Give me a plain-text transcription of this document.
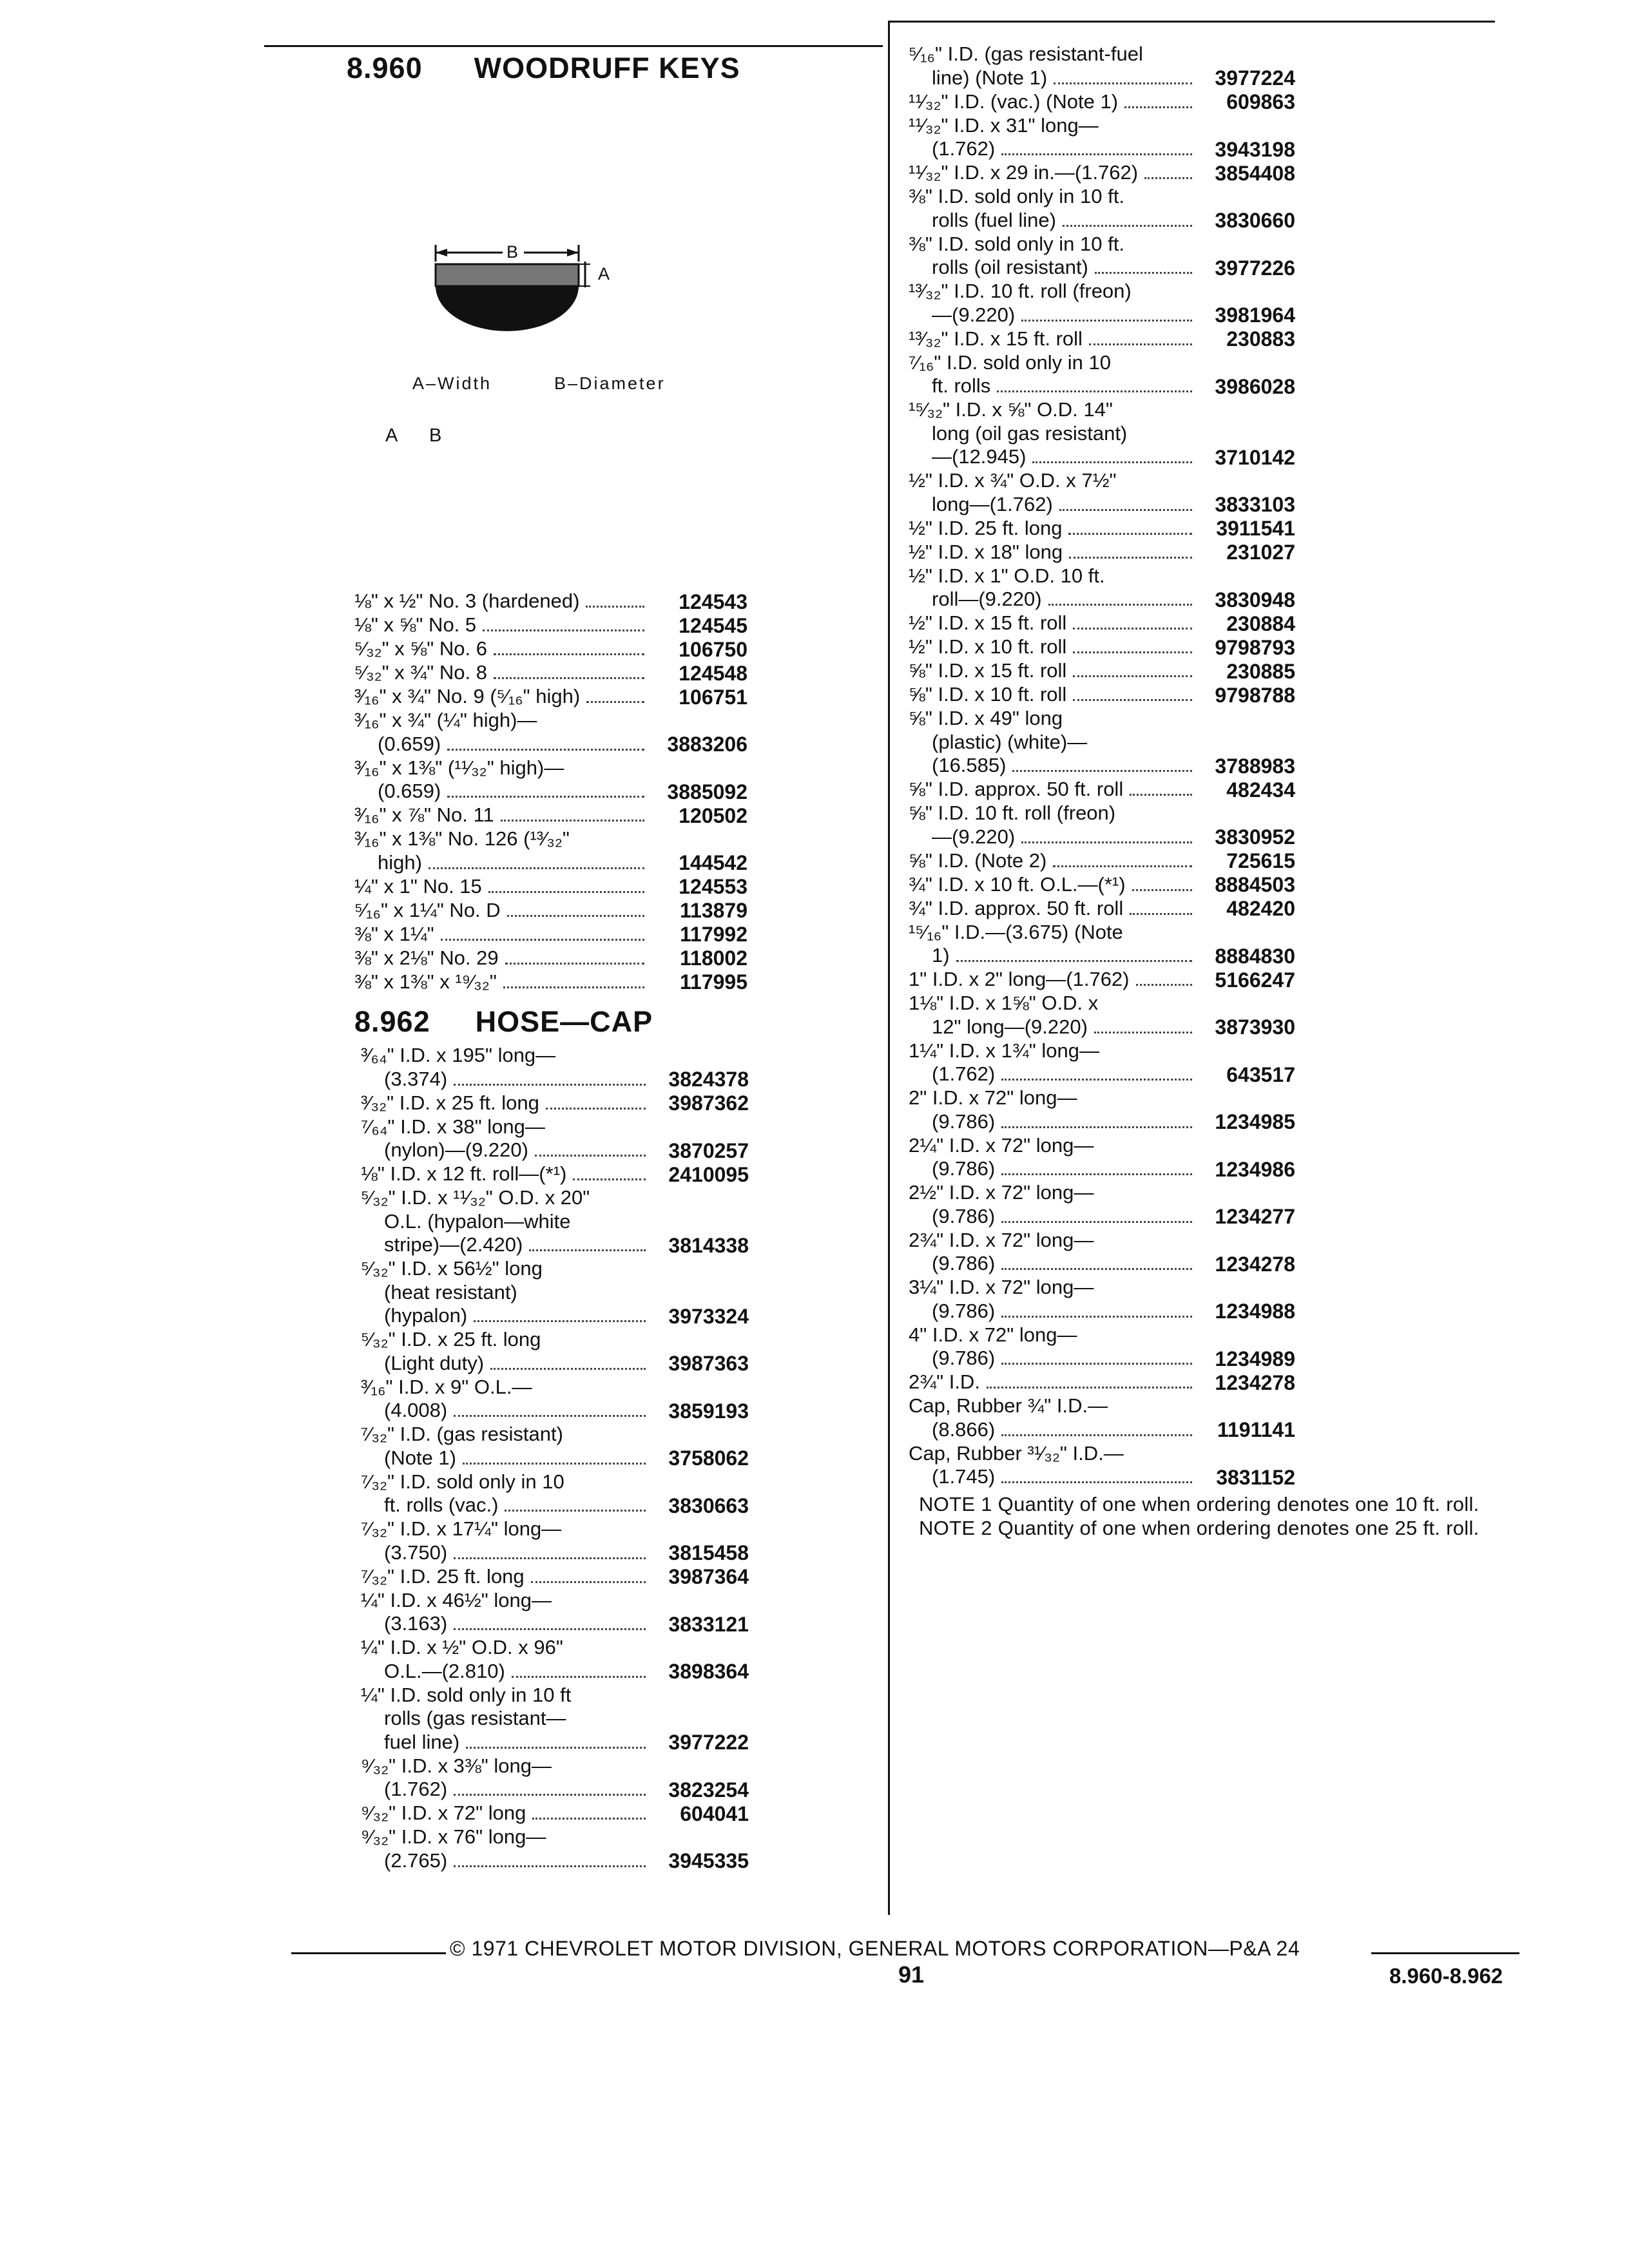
8.960 WOODRUFF KEYS
B
A
A–Width	B–Diameter
A B
⅛" x ½" No. 3 (hardened)	124543
⅛" x ⅝" No. 5	124545
⁵⁄₃₂" x ⅝" No. 6	106750
⁵⁄₃₂" x ¾" No. 8	124548
³⁄₁₆" x ¾" No. 9 (⁵⁄₁₆" high)	106751
³⁄₁₆" x ¾" (¼" high)—
(0.659)	3883206
³⁄₁₆" x 1⅜" (¹¹⁄₃₂" high)—
(0.659)	3885092
³⁄₁₆" x ⅞" No. 11	120502
³⁄₁₆" x 1⅜" No. 126 (¹³⁄₃₂"
high)	144542
¼" x 1" No. 15	124553
⁵⁄₁₆" x 1¼" No. D	113879
⅜" x 1¼"	117992
⅜" x 2⅛" No. 29	118002
⅜" x 1⅜" x ¹⁹⁄₃₂"	117995
8.962 HOSE—CAP
³⁄₆₄" I.D. x 195" long—
(3.374)	3824378
³⁄₃₂" I.D. x 25 ft. long	3987362
⁷⁄₆₄" I.D. x 38" long—
(nylon)—(9.220)	3870257
⅛" I.D. x 12 ft. roll—(*¹)	2410095
⁵⁄₃₂" I.D. x ¹¹⁄₃₂" O.D. x 20"
O.L. (hypalon—white
stripe)—(2.420)	3814338
⁵⁄₃₂" I.D. x 56½" long
(heat resistant)
(hypalon)	3973324
⁵⁄₃₂" I.D. x 25 ft. long
(Light duty)	3987363
³⁄₁₆" I.D. x 9" O.L.—
(4.008)	3859193
⁷⁄₃₂" I.D. (gas resistant)
(Note 1)	3758062
⁷⁄₃₂" I.D. sold only in 10
ft. rolls (vac.)	3830663
⁷⁄₃₂" I.D. x 17¼" long—
(3.750)	3815458
⁷⁄₃₂" I.D. 25 ft. long	3987364
¼" I.D. x 46½" long—
(3.163)	3833121
¼" I.D. x ½" O.D. x 96"
O.L.—(2.810)	3898364
¼" I.D. sold only in 10 ft
rolls (gas resistant—
fuel line)	3977222
⁹⁄₃₂" I.D. x 3⅜" long—
(1.762)	3823254
⁹⁄₃₂" I.D. x 72" long	604041
⁹⁄₃₂" I.D. x 76" long—
(2.765)	3945335
⁵⁄₁₆" I.D. (gas resistant-fuel
line) (Note 1)	3977224
¹¹⁄₃₂" I.D. (vac.) (Note 1)	609863
¹¹⁄₃₂" I.D. x 31" long—
(1.762)	3943198
¹¹⁄₃₂" I.D. x 29 in.—(1.762)	3854408
⅜" I.D. sold only in 10 ft.
rolls (fuel line)	3830660
⅜" I.D. sold only in 10 ft.
rolls (oil resistant)	3977226
¹³⁄₃₂" I.D. 10 ft. roll (freon)
—(9.220)	3981964
¹³⁄₃₂" I.D. x 15 ft. roll	230883
⁷⁄₁₆" I.D. sold only in 10
ft. rolls	3986028
¹⁵⁄₃₂" I.D. x ⅝" O.D. 14"
long (oil gas resistant)
—(12.945)	3710142
½" I.D. x ¾" O.D. x 7½"
long—(1.762)	3833103
½" I.D. 25 ft. long	3911541
½" I.D. x 18" long	231027
½" I.D. x 1" O.D. 10 ft.
roll—(9.220)	3830948
½" I.D. x 15 ft. roll	230884
½" I.D. x 10 ft. roll	9798793
⅝" I.D. x 15 ft. roll	230885
⅝" I.D. x 10 ft. roll	9798788
⅝" I.D. x 49" long
(plastic) (white)—
(16.585)	3788983
⅝" I.D. approx. 50 ft. roll	482434
⅝" I.D. 10 ft. roll (freon)
—(9.220)	3830952
⅝" I.D. (Note 2)	725615
¾" I.D. x 10 ft. O.L.—(*¹)	8884503
¾" I.D. approx. 50 ft. roll	482420
¹⁵⁄₁₆" I.D.—(3.675) (Note
1)	8884830
1" I.D. x 2" long—(1.762)	5166247
1⅛" I.D. x 1⅝" O.D. x
12" long—(9.220)	3873930
1¼" I.D. x 1¾" long—
(1.762)	643517
2" I.D. x 72" long—
(9.786)	1234985
2¼" I.D. x 72" long—
(9.786)	1234986
2½" I.D. x 72" long—
(9.786)	1234277
2¾" I.D. x 72" long—
(9.786)	1234278
3¼" I.D. x 72" long—
(9.786)	1234988
4" I.D. x 72" long—
(9.786)	1234989
2¾" I.D.	1234278
Cap, Rubber ¾" I.D.—
(8.866)	1191141
Cap, Rubber ³¹⁄₃₂" I.D.—
(1.745)	3831152
NOTE 1 Quantity of one when ordering denotes one 10 ft. roll.
NOTE 2 Quantity of one when ordering denotes one 25 ft. roll.
© 1971 CHEVROLET MOTOR DIVISION, GENERAL MOTORS CORPORATION—P&A 24
91	8.960-8.962
